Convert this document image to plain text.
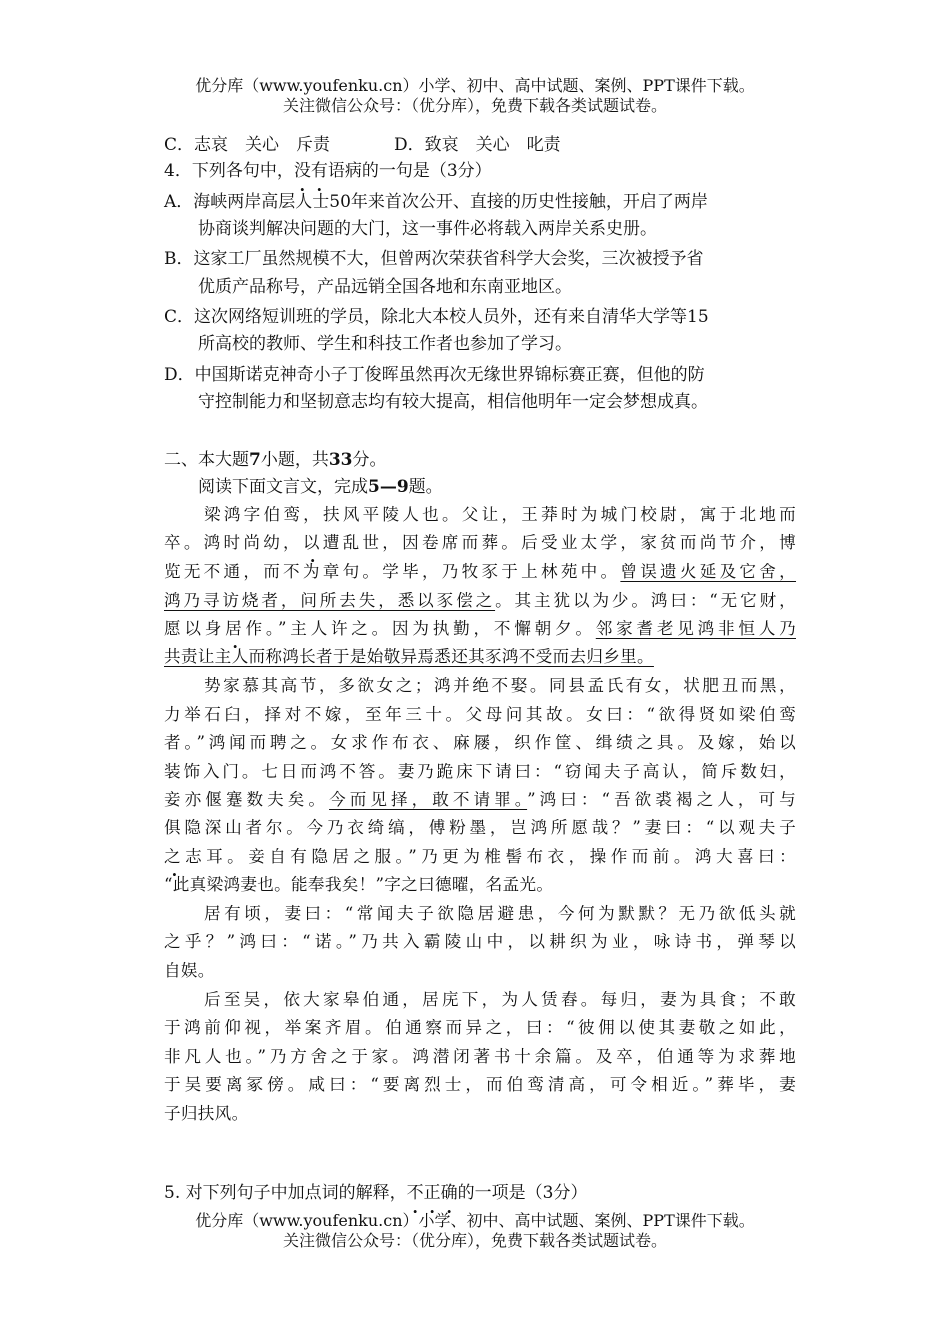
优分库（www.youfenku.cn）小学、初中、高中试题、案例、PPT课件下载。
关注微信公众号：（优分库），免费下载各类试题试卷。
C．志哀　关心　斥责	D．致哀　关心　叱责
4．下列各句中，没有语病的一句是（3分）
A．海峡两岸高层人士50年来首次公开、直接的历史性接触，开启了两岸
协商谈判解决问题的大门，这一事件必将载入两岸关系史册。
B．这家工厂虽然规模不大，但曾两次荣获省科学大会奖，三次被授予省
优质产品称号，产品远销全国各地和东南亚地区。
C．这次网络短训班的学员，除北大本校人员外，还有来自清华大学等15
所高校的教师、学生和科技工作者也参加了学习。
D．中国斯诺克神奇小子丁俊晖虽然再次无缘世界锦标赛正赛，但他的防
守控制能力和坚韧意志均有较大提高，相信他明年一定会梦想成真。
二、本大题7小题，共33分。
阅读下面文言文，完成5—9题。
梁鸿字伯鸾，扶风平陵人也。父让，王莽时为城门校尉，寓于北地而
卒。鸿时尚幼，以遭乱世，因卷席而葬。后受业太学，家贫而尚节介，博
览无不通，而不为章句。学毕，乃牧豕于上林苑中。曾误遗火延及它舍，
鸿乃寻访烧者，问所去失，悉以豕偿之。其主犹以为少。鸿曰：“无它财，
愿以身居作。”主人许之。因为执勤，不懈朝夕。邻家耆老见鸿非恒人乃
共责让主人而称鸿长者于是始敬异焉悉还其豕鸿不受而去归乡里。
势家慕其高节，多欲女之；鸿并绝不娶。同县孟氏有女，状肥丑而黑，
力举石臼，择对不嫁，至年三十。父母问其故。女曰：“欲得贤如梁伯鸾
者。”鸿闻而聘之。女求作布衣、麻屦，织作筐、缉绩之具。及嫁，始以
装饰入门。七日而鸿不答。妻乃跪床下请曰：“窃闻夫子高认，简斥数妇，
妾亦偃蹇数夫矣。今而见择，敢不请罪。”鸿曰：“吾欲裘褐之人，可与
俱隐深山者尔。今乃衣绮缟，傅粉墨，岂鸿所愿哉？”妻曰：“以观夫子
之志耳。妾自有隐居之服。”乃更为椎髻布衣，操作而前。鸿大喜曰：
“此真梁鸿妻也。能奉我矣！”字之曰德曜，名孟光。
居有顷，妻曰：“常闻夫子欲隐居避患，今何为默默？无乃欲低头就
之乎？”鸿曰：“诺。”乃共入霸陵山中，以耕织为业，咏诗书，弹琴以
自娱。
后至吴，依大家皋伯通，居庑下，为人赁舂。每归，妻为具食；不敢
于鸿前仰视，举案齐眉。伯通察而异之，曰：“彼佣以使其妻敬之如此，
非凡人也。”乃方舍之于家。鸿潜闭著书十余篇。及卒，伯通等为求葬地
于吴要离冢傍。咸曰：“要离烈士，而伯鸾清高，可令相近。”葬毕，妻
子归扶风。
5. 对下列句子中加点词的解释，不正确的一项是（3分）
优分库（www.youfenku.cn）小学、初中、高中试题、案例、PPT课件下载。
关注微信公众号：（优分库），免费下载各类试题试卷。
